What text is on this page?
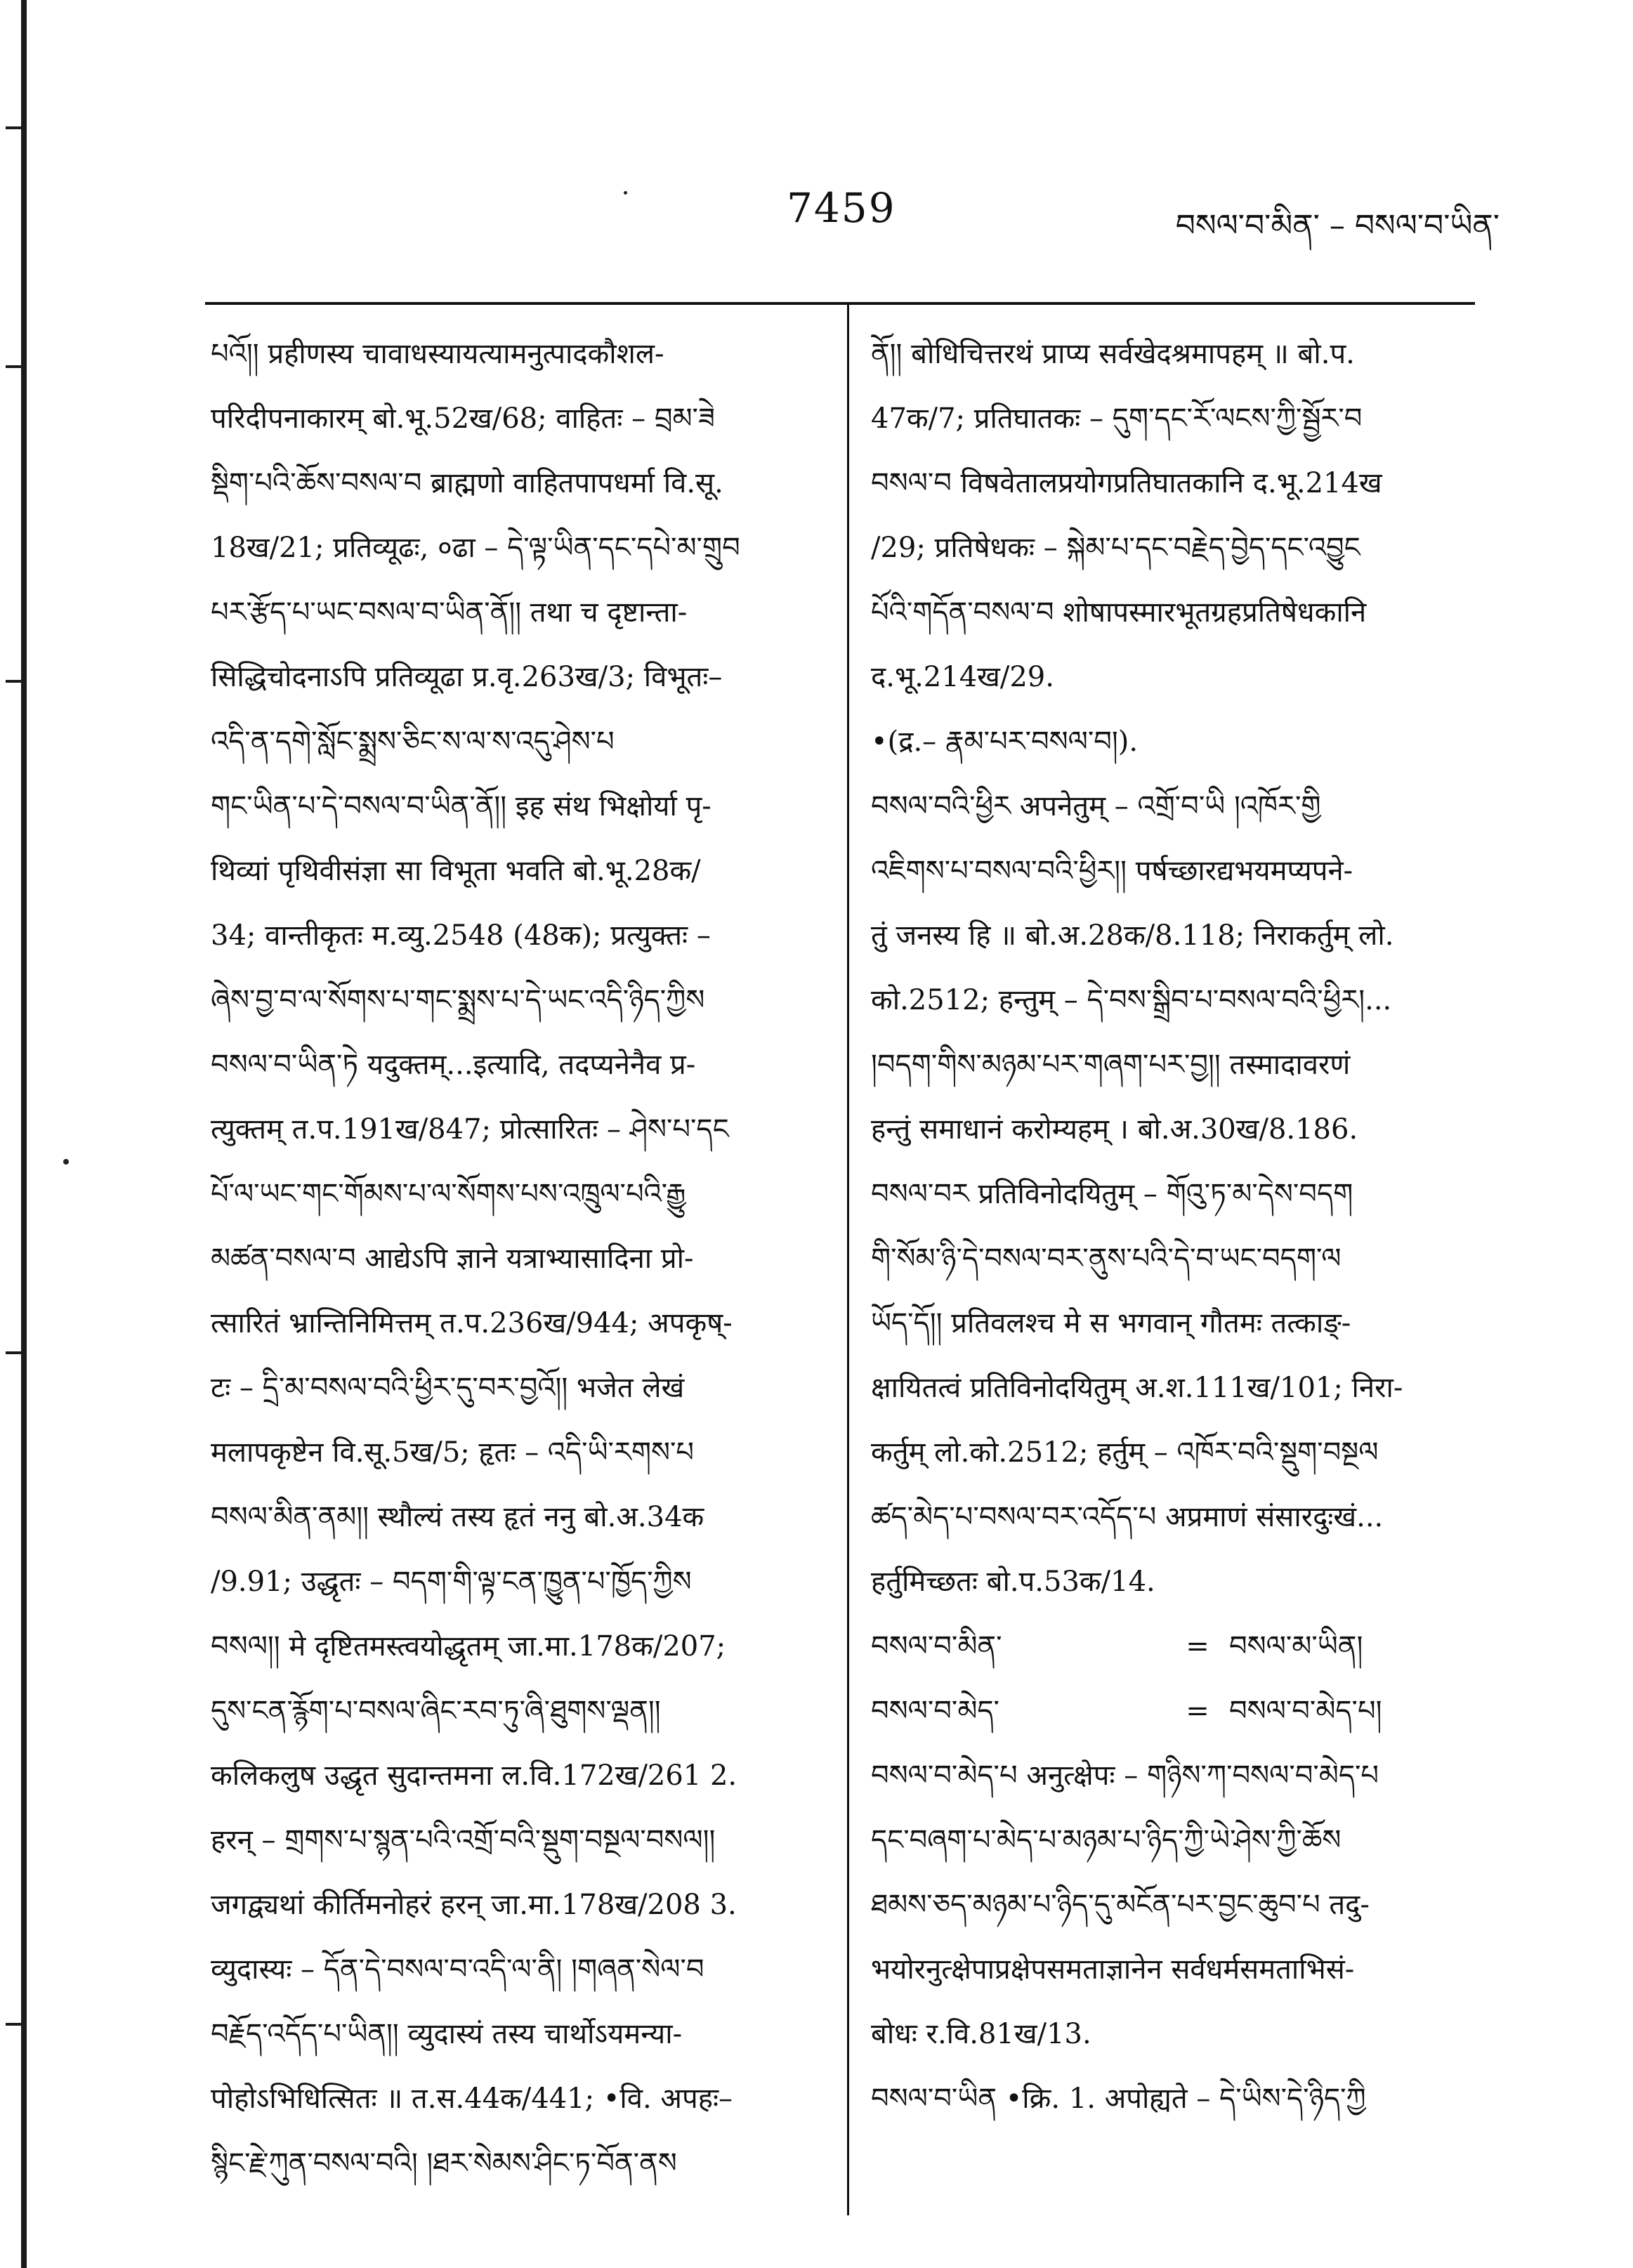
7459	བསལ་བ་མིན་ – བསལ་བ་ཡིན་
པའོ།། प्रहीणस्य चावाधस्यायत्यामनुत्पादकौशल-
परिदीपनाकारम् बो.भू.52ख/68; वाहितः – བྲམ་ཟེ
སྡིག་པའི་ཆོས་བསལ་བ ब्राह्मणो वाहितपापधर्मा वि.सू.
18ख/21; प्रतिव्यूढः, ०ढा – དེ་ལྟ་ཡིན་དང་དཔེ་མ་གྲུབ
པར་རྩོད་པ་ཡང་བསལ་བ་ཡིན་ནོ།། तथा च दृष्टान्ता-
सिद्धिचोदनाऽपि प्रतिव्यूढा प्र.वृ.263ख/3; विभूतः–
འདི་ན་དགེ་སློང་སྨྲས་ཅིང་ས་ལ་ས་འདུ་ཤེས་པ
གང་ཡིན་པ་དེ་བསལ་བ་ཡིན་ནོ།། इह संथ भिक्षोर्या पृ-
थिव्यां पृथिवीसंज्ञा सा विभूता भवति बो.भू.28क/
34; वान्तीकृतः म.व्यु.2548 (48क); प्रत्युक्तः –
ཞེས་བྱ་བ་ལ་སོགས་པ་གང་སྨྲས་པ་དེ་ཡང་འདི་ཉིད་ཀྱིས
བསལ་བ་ཡིན་ཏེ यदुक्तम्...इत्यादि, तदप्यनेनैव प्र-
त्युक्तम् त.प.191ख/847; प्रोत्सारितः – ཤེས་པ་དང
པོ་ལ་ཡང་གང་གོམས་པ་ལ་སོགས་པས་འཁྲུལ་པའི་རྒྱུ
མཚན་བསལ་བ आद्येऽपि ज्ञाने यत्राभ्यासादिना प्रो-
त्सारितं भ्रान्तिनिमित्तम् त.प.236ख/944; अपकृष्-
टः – དྲི་མ་བསལ་བའི་ཕྱིར་དུ་བར་བྱའོ།། भजेत लेखं
मलापकृष्टेन वि.सू.5ख/5; हृतः – འདི་ཡི་རགས་པ
བསལ་མིན་ནམ།། स्थौल्यं तस्य हृतं ननु बो.अ.34क
/9.91; उद्धृतः – བདག་གི་ལྟ་ངན་ཁྱུན་པ་ཁྱོད་ཀྱིས
བསལ།། मे दृष्टितमस्त्वयोद्धृतम् जा.मा.178क/207;
དུས་ངན་རྙོག་པ་བསལ་ཞིང་རབ་ཏུ་ཞི་ཐུགས་ལྡན།།
कलिकलुष उद्धृत सुदान्तमना ल.वि.172ख/261 2.
हरन् – གྲགས་པ་སྙན་པའི་འགྲོ་བའི་སྡུག་བསྔལ་བསལ།།
जगद्व्यथां कीर्तिमनोहरं हरन् जा.मा.178ख/208 3.
व्युदास्यः – དོན་དེ་བསལ་བ་འདི་ལ་ནི། །གཞན་སེལ་བ
བརྗོད་འདོད་པ་ཡིན།། व्युदास्यं तस्य चार्थोऽयमन्या-
पोहोऽभिधित्सितः ॥ त.स.44क/441; •वि. अपहः–
སྙིང་རྗེ་ཀུན་བསལ་བའི། །ཐར་སེམས་ཤིང་ཏ་བོན་ནས
ནོ།། बोधिचित्तरथं प्राप्य सर्वखेदश्रमापहम् ॥ बो.प.
47क/7; प्रतिघातकः – དུག་དང་རོ་ལངས་ཀྱི་སྦྱོར་བ
བསལ་བ विषवेतालप्रयोगप्रतिघातकानि द.भू.214ख
/29; प्रतिषेधकः – སྐེམ་པ་དང་བརྗེད་བྱེད་དང་འབྱུང
པོའི་གདོན་བསལ་བ शोषापस्मारभूतग्रहप्रतिषेधकानि
द.भू.214ख/29.
•(द्र.– རྣམ་པར་བསལ་བ།).
བསལ་བའི་ཕྱིར अपनेतुम् – འགྲོ་བ་ཡི །འཁོར་གྱི
འཇིགས་པ་བསལ་བའི་ཕྱིར།། पर्षच्छारद्यभयमप्यपने-
तुं जनस्य हि ॥ बो.अ.28क/8.118; निराकर्तुम् लो.
को.2512; हन्तुम् – དེ་བས་སྒྲིབ་པ་བསལ་བའི་ཕྱིར།...
།བདག་གིས་མཉམ་པར་གཞག་པར་བྱ།། तस्मादावरणं
हन्तुं समाधानं करोम्यहम् । बो.अ.30ख/8.186.
བསལ་བར प्रतिविनोदयितुम् – གོའུ་ཏ་མ་དེས་བདག
གི་སོམ་ཉི་དེ་བསལ་བར་ནུས་པའི་དེ་བ་ཡང་བདག་ལ
ཡོད་དོ།། प्रतिवलश्च मे स भगवान् गौतमः तत्काङ्-
क्षायितत्वं प्रतिविनोदयितुम् अ.श.111ख/101; निरा-
कर्तुम् लो.को.2512; हर्तुम् – འཁོར་བའི་སྡུག་བསྔལ
ཚད་མེད་པ་བསལ་བར་འདོད་པ अप्रमाणं संसारदुःखं...
हर्तुमिच्छतः बो.प.53क/14.
བསལ་བ་མིན་	= བསལ་མ་ཡིན།
བསལ་བ་མེད་	= བསལ་བ་མེད་པ།
བསལ་བ་མེད་པ अनुत्क्षेपः – གཉིས་ཀ་བསལ་བ་མེད་པ
དང་བཞག་པ་མེད་པ་མཉམ་པ་ཉིད་ཀྱི་ཡེ་ཤེས་ཀྱི་ཆོས
ཐམས་ཅད་མཉམ་པ་ཉིད་དུ་མངོན་པར་བྱང་ཆུབ་པ तदु-
भयोरनुत्क्षेपाप्रक्षेपसमताज्ञानेन सर्वधर्मसमताभिसं-
बोधः र.वि.81ख/13.
བསལ་བ་ཡིན •क्रि. 1. अपोह्यते – དེ་ཡིས་དེ་ཉིད་ཀྱི
